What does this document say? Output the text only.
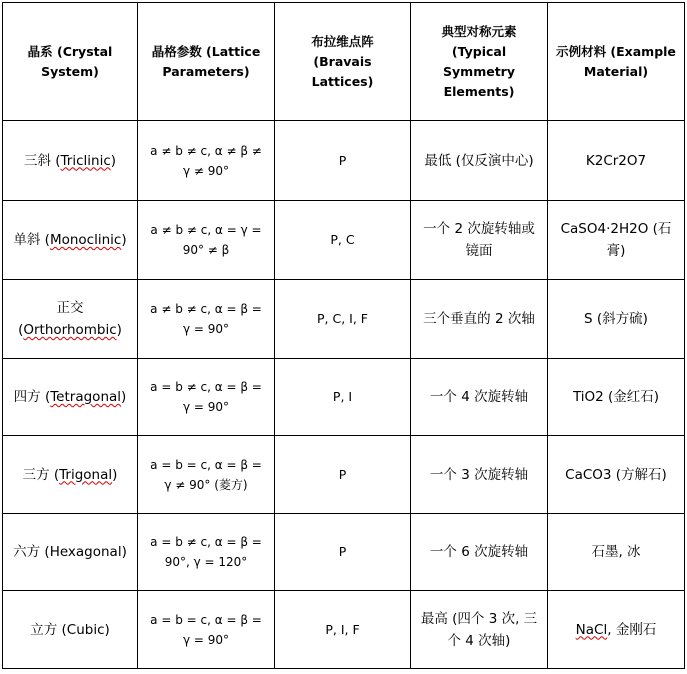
晶系 (Crystal System)	晶格参数 (Lattice Parameters)	布拉维点阵 (Bravais Lattices)	典型对称元素 (Typical Symmetry Elements)	示例材料 (Example Material)
三斜 (Triclinic)	a ≠ b ≠ c, α ≠ β ≠ γ ≠ 90°	P	最低 (仅反演中心)	K2Cr2O7
单斜 (Monoclinic)	a ≠ b ≠ c, α = γ = 90° ≠ β	P, C	一个 2 次旋转轴或镜面	CaSO4·2H2O (石膏)
正交 (Orthorhombic)	a ≠ b ≠ c, α = β = γ = 90°	P, C, I, F	三个垂直的 2 次轴	S (斜方硫)
四方 (Tetragonal)	a = b ≠ c, α = β = γ = 90°	P, I	一个 4 次旋转轴	TiO2 (金红石)
三方 (Trigonal)	a = b = c, α = β = γ ≠ 90° (菱方)	P	一个 3 次旋转轴	CaCO3 (方解石)
六方 (Hexagonal)	a = b ≠ c, α = β = 90°, γ = 120°	P	一个 6 次旋转轴	石墨, 冰
立方 (Cubic)	a = b = c, α = β = γ = 90°	P, I, F	最高 (四个 3 次, 三个 4 次轴)	NaCl, 金刚石
